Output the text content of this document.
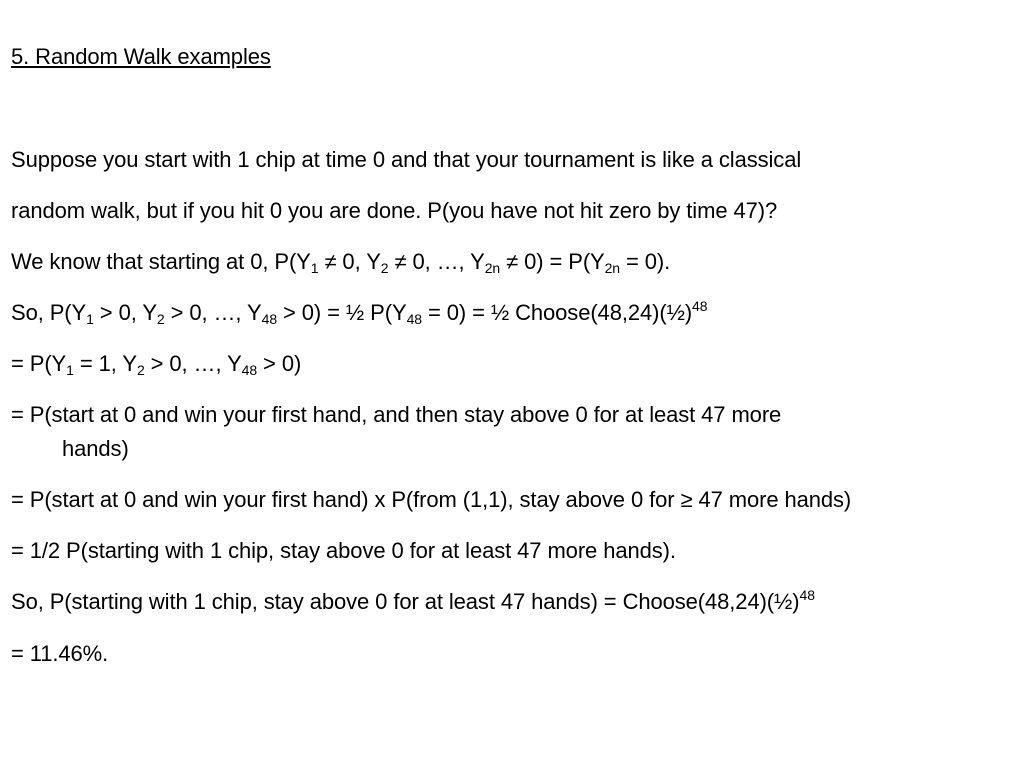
5. Random Walk examples
Suppose you start with 1 chip at time 0 and that your tournament is like a classical
random walk, but if you hit 0 you are done. P(you have not hit zero by time 47)?
We know that starting at 0, $P(Y_1 \ne 0$, $Y_2 \ne 0$, …, $Y_{2n} \ne 0) = P(Y_{2n} = 0)$.
So, $P(Y_1 > 0$, $Y_2 > 0$, …, $Y_{48} > 0$) = ½ $P(Y_{48} = 0)$ = ½ Choose(48,24)(½)$^{48}$
= $P(Y_1 = 1$, $Y_2 > 0$, …, $Y_{48} > 0$)
= P(start at 0 and win your first hand, and then stay above 0 for at least 47 more
hands)
= P(start at 0 and win your first hand) x P(from (1,1), stay above 0 for ≥ 47 more hands)
= 1/2 P(starting with 1 chip, stay above 0 for at least 47 more hands).
So, P(starting with 1 chip, stay above 0 for at least 47 hands) = Choose(48,24)(½)$^{48}$
= 11.46%.
